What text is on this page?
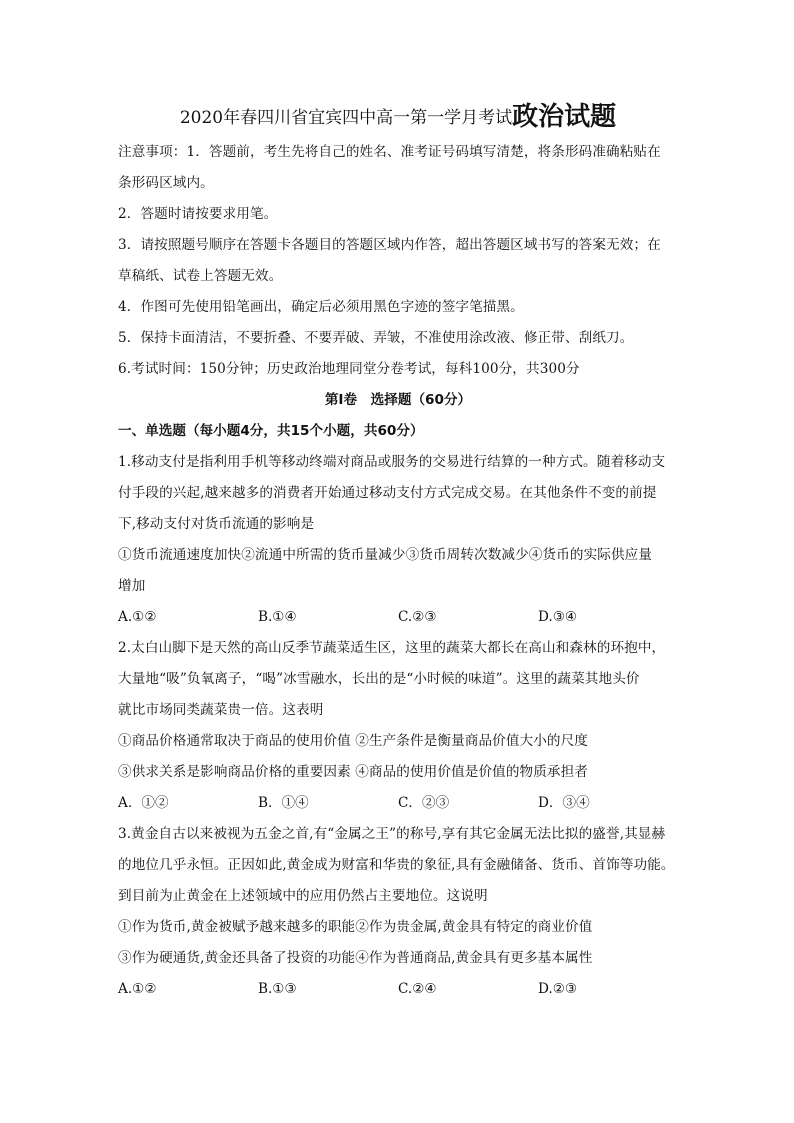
2020年春四川省宜宾四中高一第一学月考试政治试题

注意事项：1．答题前，考生先将自己的姓名、准考证号码填写清楚，将条形码准确粘贴在

条形码区域内。

2．答题时请按要求用笔。

3．请按照题号顺序在答题卡各题目的答题区域内作答，超出答题区域书写的答案无效；在

草稿纸、试卷上答题无效。

4．作图可先使用铅笔画出，确定后必须用黑色字迹的签字笔描黑。

5．保持卡面清洁，不要折叠、不要弄破、弄皱，不准使用涂改液、修正带、刮纸刀。

6.考试时间：150分钟；历史政治地理同堂分卷考试，每科100分，共300分

第I卷　选择题（60分）

一、单选题（每小题4分，共15个小题，共60分）

1.移动支付是指利用手机等移动终端对商品或服务的交易进行结算的一种方式。随着移动支

付手段的兴起,越来越多的消费者开始通过移动支付方式完成交易。在其他条件不变的前提

下,移动支付对货币流通的影响是

①货币流通速度加快②流通中所需的货币量减少③货币周转次数减少④货币的实际供应量

增加

A.①②	B.①④	C.②③	D.③④

2.太白山脚下是天然的高山反季节蔬菜适生区，这里的蔬菜大都长在高山和森林的环抱中，

大量地“吸”负氧离子，“喝”冰雪融水，长出的是“小时候的味道”。这里的蔬菜其地头价

就比市场同类蔬菜贵一倍。这表明

①商品价格通常取决于商品的使用价值 ②生产条件是衡量商品价值大小的尺度

③供求关系是影响商品价格的重要因素 ④商品的使用价值是价值的物质承担者

A．①②	B．①④	C．②③	D．③④

3.黄金自古以来被视为五金之首,有“金属之王”的称号,享有其它金属无法比拟的盛誉,其显赫

的地位几乎永恒。正因如此,黄金成为财富和华贵的象征,具有金融储备、货币、首饰等功能。

到目前为止黄金在上述领域中的应用仍然占主要地位。这说明

①作为货币,黄金被赋予越来越多的职能②作为贵金属,黄金具有特定的商业价值

③作为硬通货,黄金还具备了投资的功能④作为普通商品,黄金具有更多基本属性

A.①②	B.①③	C.②④	D.②③
